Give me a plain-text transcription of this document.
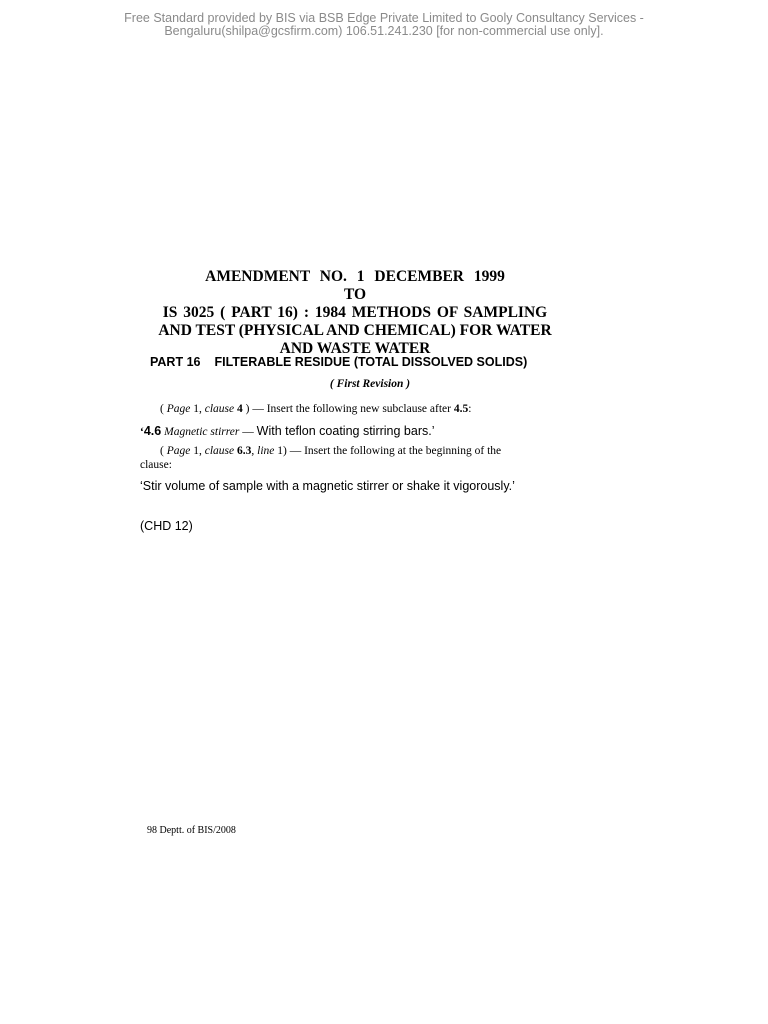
Free Standard provided by BIS via BSB Edge Private Limited to Gooly Consultancy Services -
Bengaluru(shilpa@gcsfirm.com) 106.51.241.230 [for non-commercial use only].
AMENDMENT NO. 1 DECEMBER 1999
TO
IS 3025 ( PART 16) : 1984 METHODS OF SAMPLING
AND TEST (PHYSICAL AND CHEMICAL) FOR WATER
AND WASTE WATER
PART 16 FILTERABLE RESIDUE (TOTAL DISSOLVED SOLIDS)
( First Revision )
( Page 1, clause 4 ) — Insert the following new subclause after 4.5:
‘4.6 Magnetic stirrer — With teflon coating stirring bars.’
( Page 1, clause 6.3, line 1) — Insert the following at the beginning of the
clause:
‘Stir volume of sample with a magnetic stirrer or shake it vigorously.’
(CHD 12)
98 Deptt. of BIS/2008
